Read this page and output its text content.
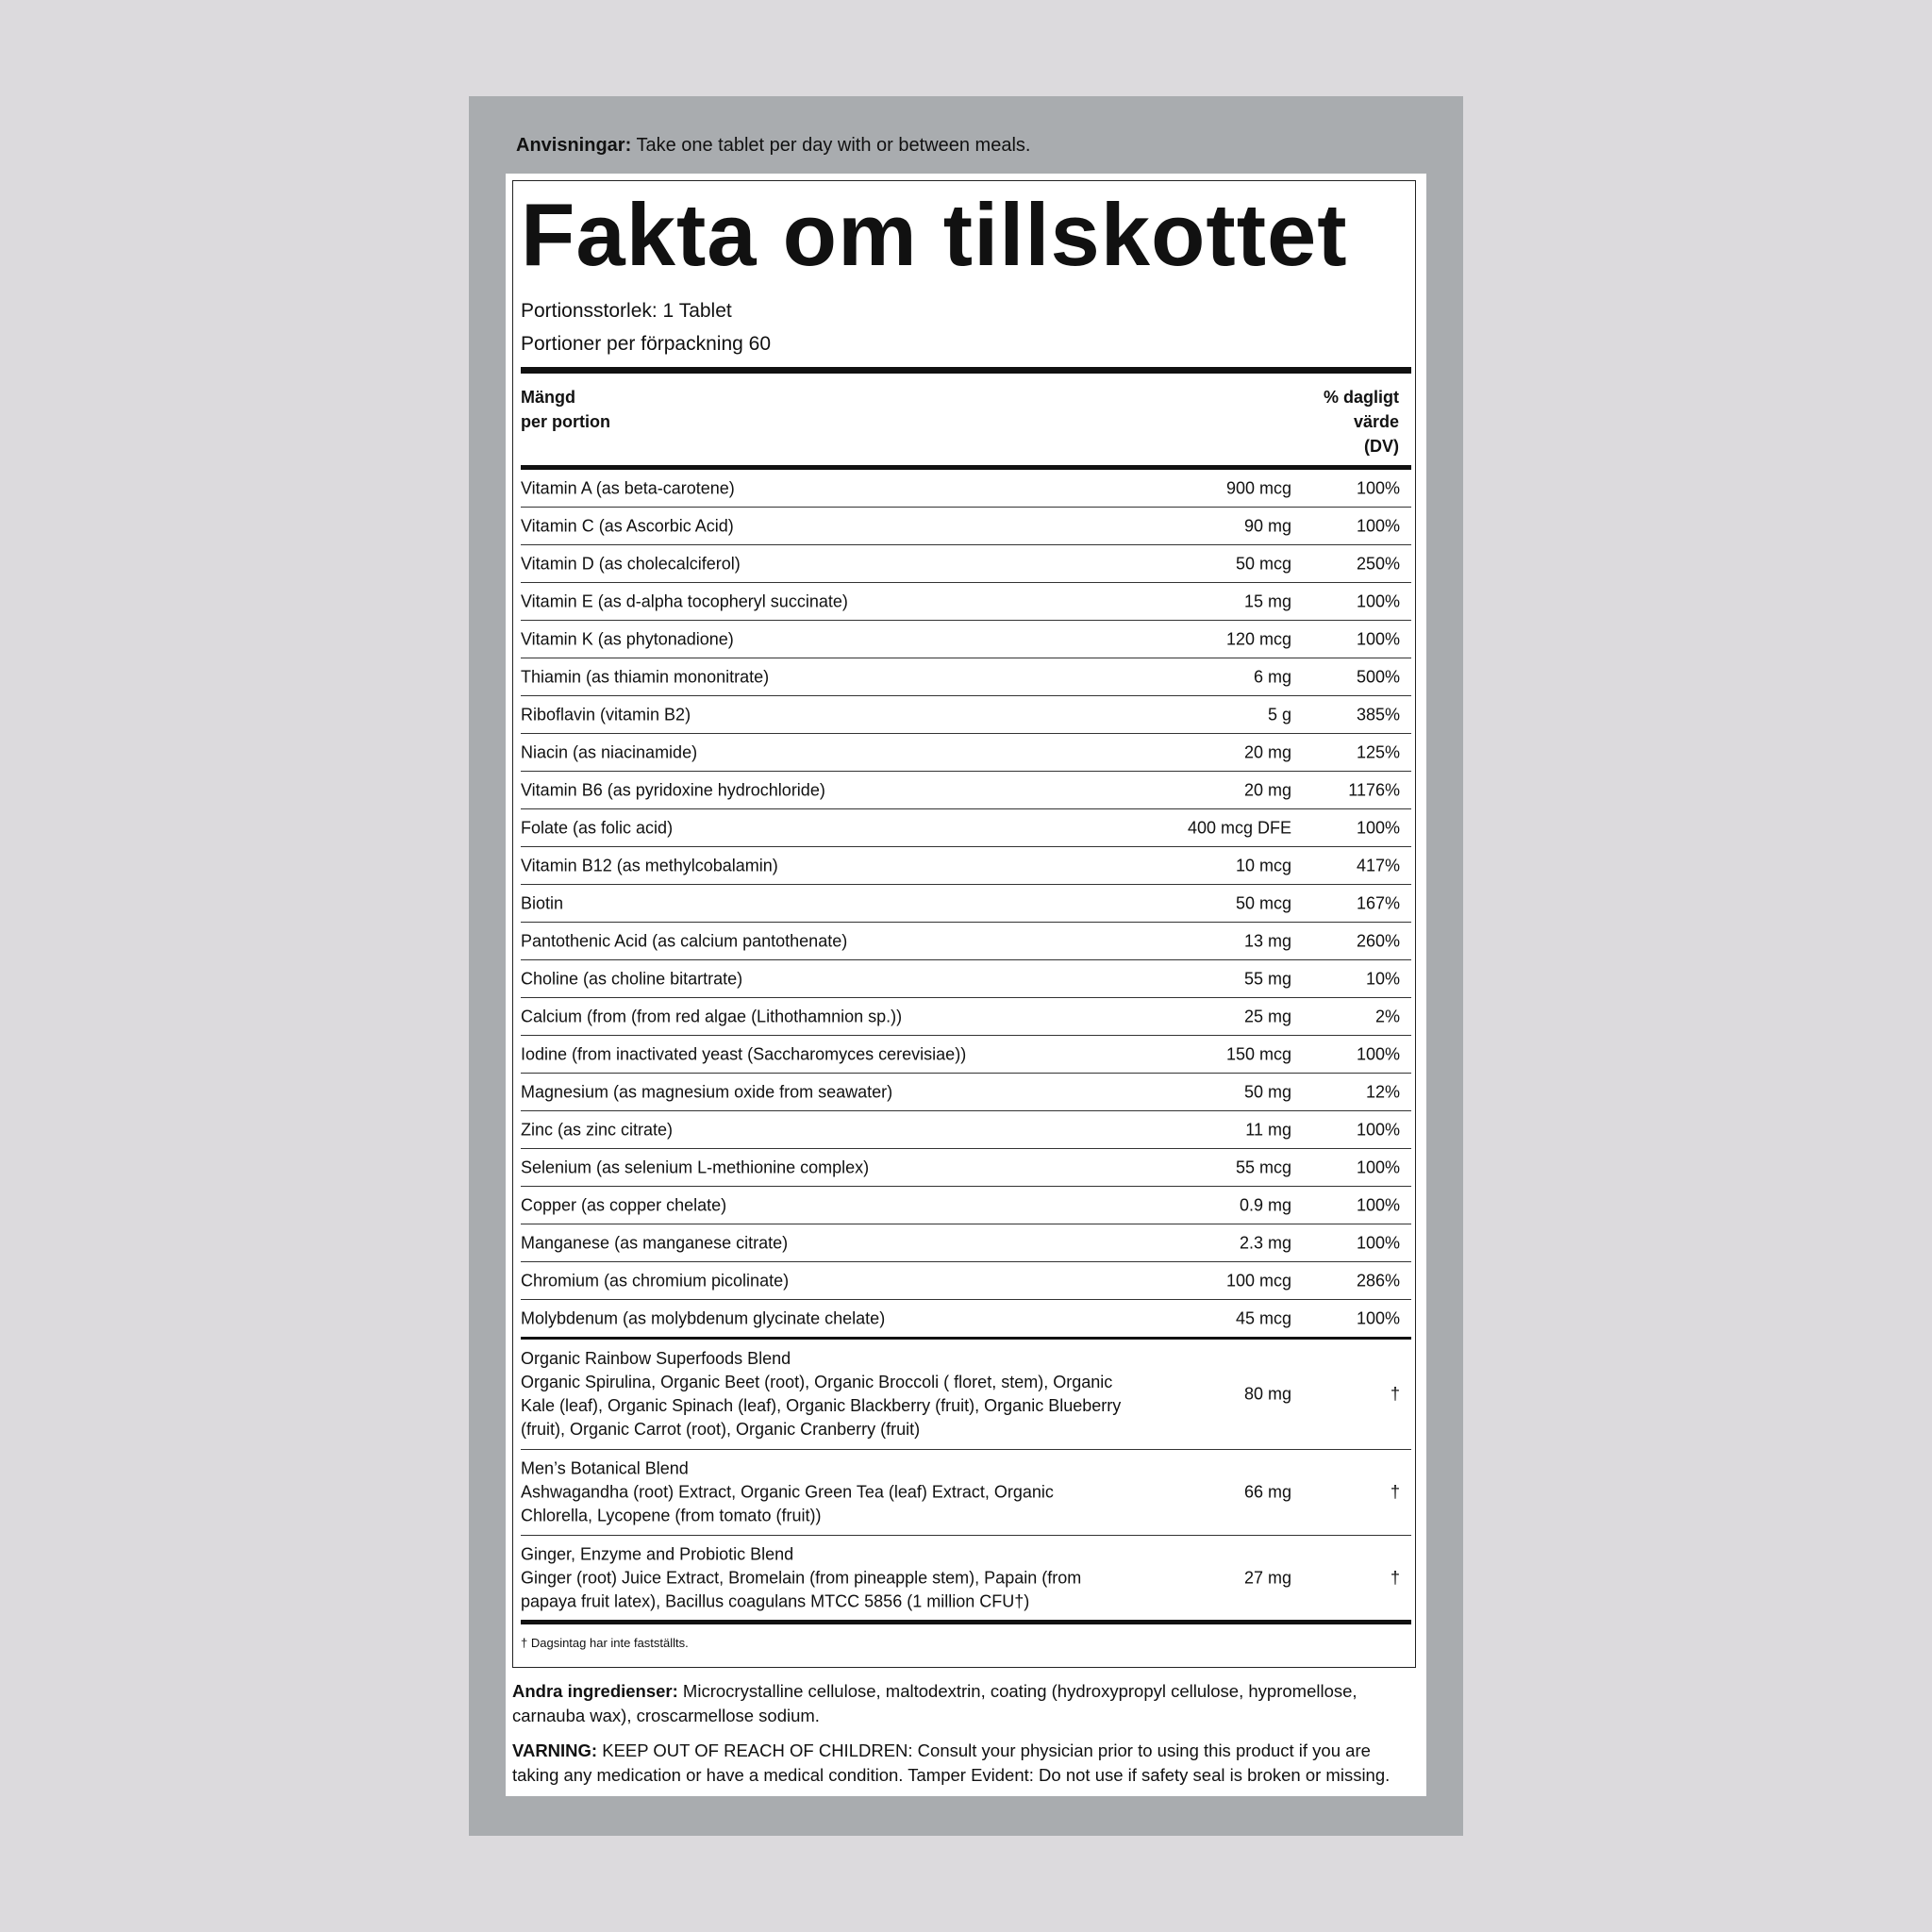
Anvisningar: Take one tablet per day with or between meals.
Fakta om tillskottet
Portionsstorlek: 1 Tablet
Portioner per förpackning 60
Mängd
per portion
% dagligt
värde
(DV)
Vitamin A (as beta-carotene)	900 mcg	100%
Vitamin C (as Ascorbic Acid)	90 mg	100%
Vitamin D (as cholecalciferol)	50 mcg	250%
Vitamin E (as d-alpha tocopheryl succinate)	15 mg	100%
Vitamin K (as phytonadione)	120 mcg	100%
Thiamin (as thiamin mononitrate)	6 mg	500%
Riboflavin (vitamin B2)	5 g	385%
Niacin (as niacinamide)	20 mg	125%
Vitamin B6 (as pyridoxine hydrochloride)	20 mg	1176%
Folate (as folic acid)	400 mcg DFE	100%
Vitamin B12 (as methylcobalamin)	10 mcg	417%
Biotin	50 mcg	167%
Pantothenic Acid (as calcium pantothenate)	13 mg	260%
Choline (as choline bitartrate)	55 mg	10%
Calcium (from (from red algae (Lithothamnion sp.))	25 mg	2%
Iodine (from inactivated yeast (Saccharomyces cerevisiae))	150 mcg	100%
Magnesium (as magnesium oxide from seawater)	50 mg	12%
Zinc (as zinc citrate)	11 mg	100%
Selenium (as selenium L-methionine complex)	55 mcg	100%
Copper (as copper chelate)	0.9 mg	100%
Manganese (as manganese citrate)	2.3 mg	100%
Chromium (as chromium picolinate)	100 mcg	286%
Molybdenum (as molybdenum glycinate chelate)	45 mcg	100%
Organic Rainbow Superfoods Blend
Organic Spirulina, Organic Beet (root), Organic Broccoli ( floret, stem), Organic Kale (leaf), Organic Spinach (leaf), Organic Blackberry (fruit), Organic Blueberry (fruit), Organic Carrot (root), Organic Cranberry (fruit)
80 mg	†
Men’s Botanical Blend
Ashwagandha (root) Extract, Organic Green Tea (leaf) Extract, Organic Chlorella, Lycopene (from tomato (fruit))
66 mg	†
Ginger, Enzyme and Probiotic Blend
Ginger (root) Juice Extract, Bromelain (from pineapple stem), Papain (from papaya fruit latex), Bacillus coagulans MTCC 5856 (1 million CFU†)
27 mg	†
† Dagsintag har inte fastställts.
Andra ingredienser: Microcrystalline cellulose, maltodextrin, coating (hydroxypropyl cellulose, hypromellose, carnauba wax), croscarmellose sodium.
VARNING: KEEP OUT OF REACH OF CHILDREN: Consult your physician prior to using this product if you are taking any medication or have a medical condition. Tamper Evident: Do not use if safety seal is broken or missing.
